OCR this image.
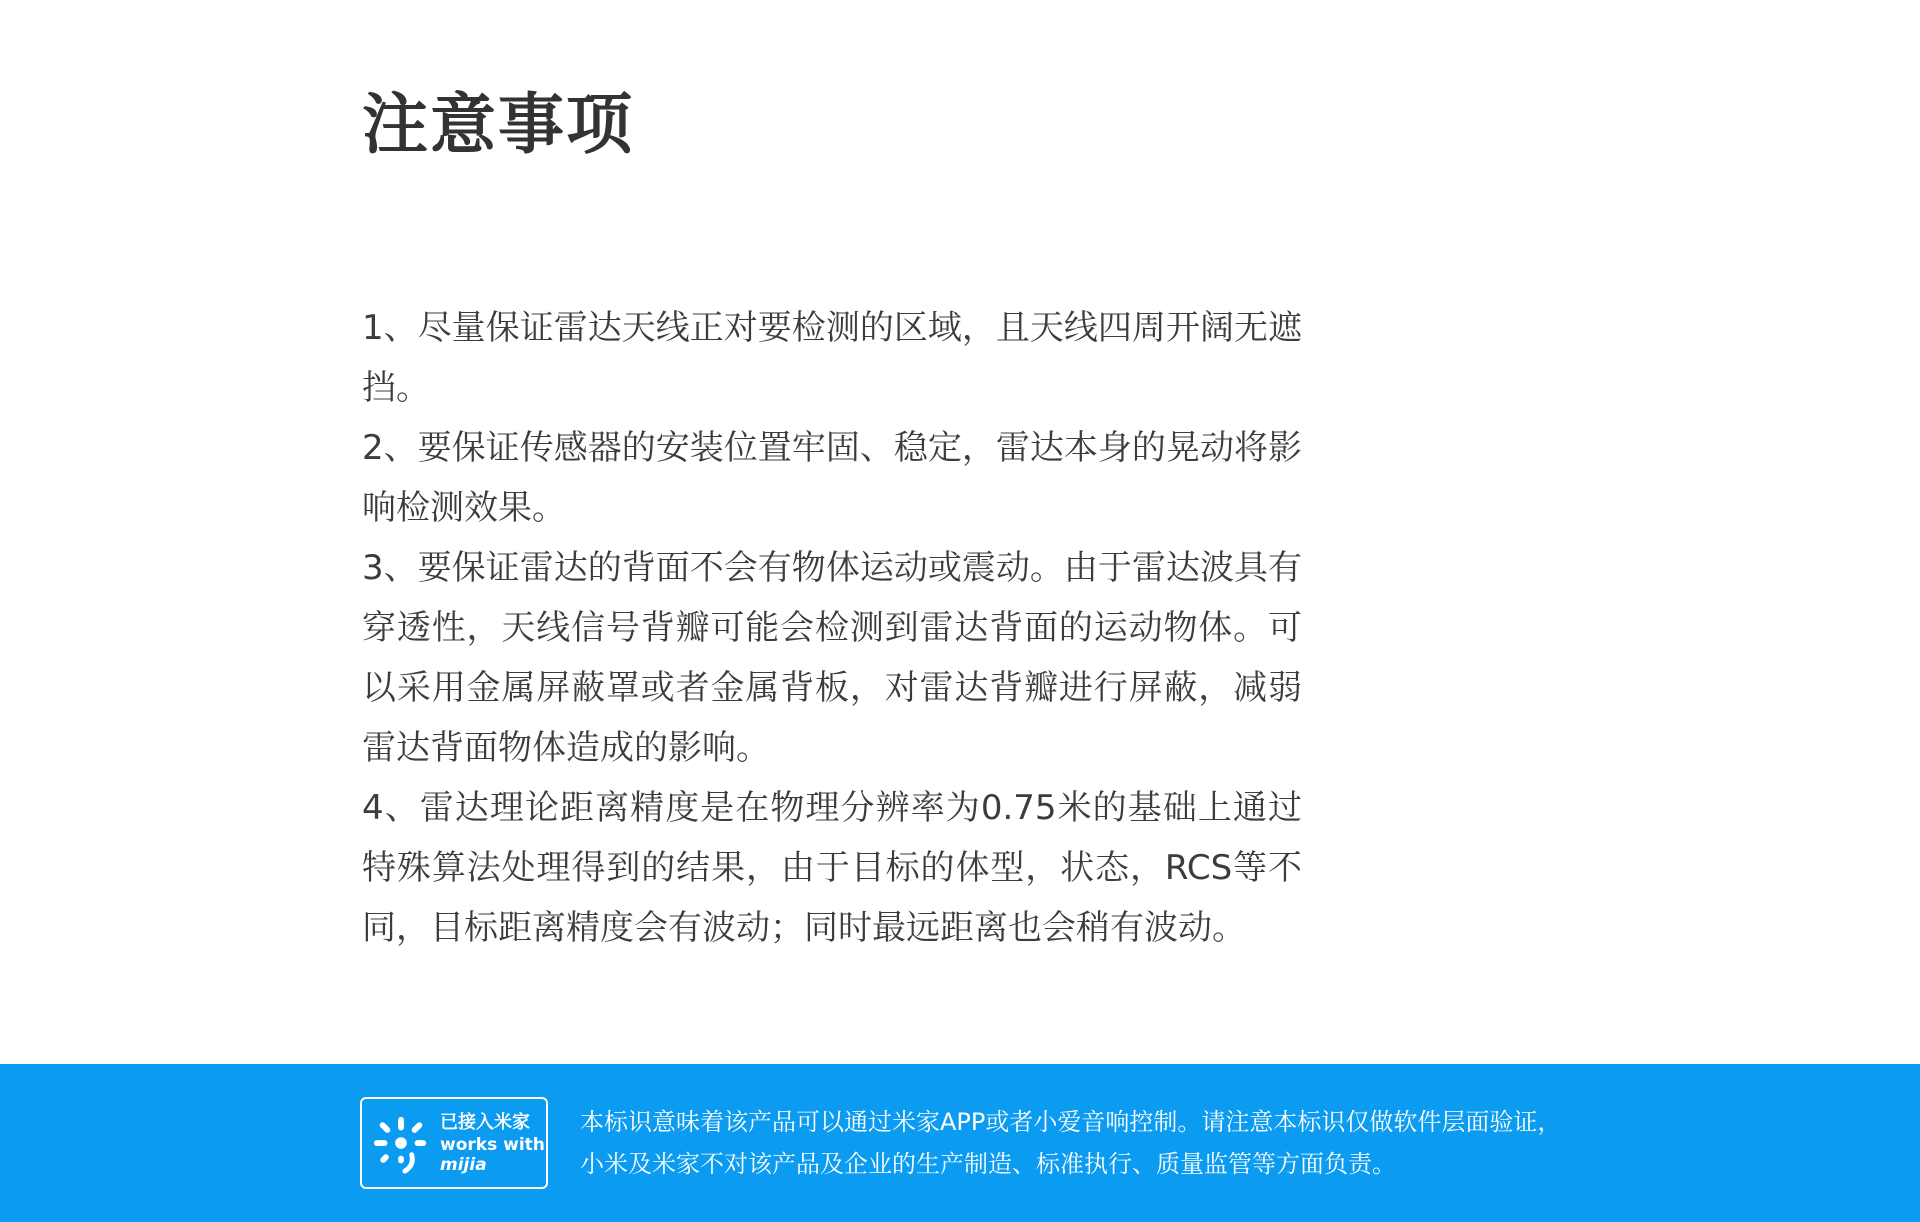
注意事项

1、尽量保证雷达天线正对要检测的区域，且天线四周开阔无遮挡。

2、要保证传感器的安装位置牢固、稳定，雷达本身的晃动将影响检测效果。

3、要保证雷达的背面不会有物体运动或震动。由于雷达波具有穿透性，天线信号背瓣可能会检测到雷达背面的运动物体。可以采用金属屏蔽罩或者金属背板，对雷达背瓣进行屏蔽，减弱雷达背面物体造成的影响。

4、雷达理论距离精度是在物理分辨率为0.75米的基础上通过特殊算法处理得到的结果，由于目标的体型，状态，RCS等不同，目标距离精度会有波动；同时最远距离也会稍有波动。

已接入米家
works with
mijia

本标识意味着该产品可以通过米家APP或者小爱音响控制。请注意本标识仅做软件层面验证，小米及米家不对该产品及企业的生产制造、标准执行、质量监管等方面负责。
